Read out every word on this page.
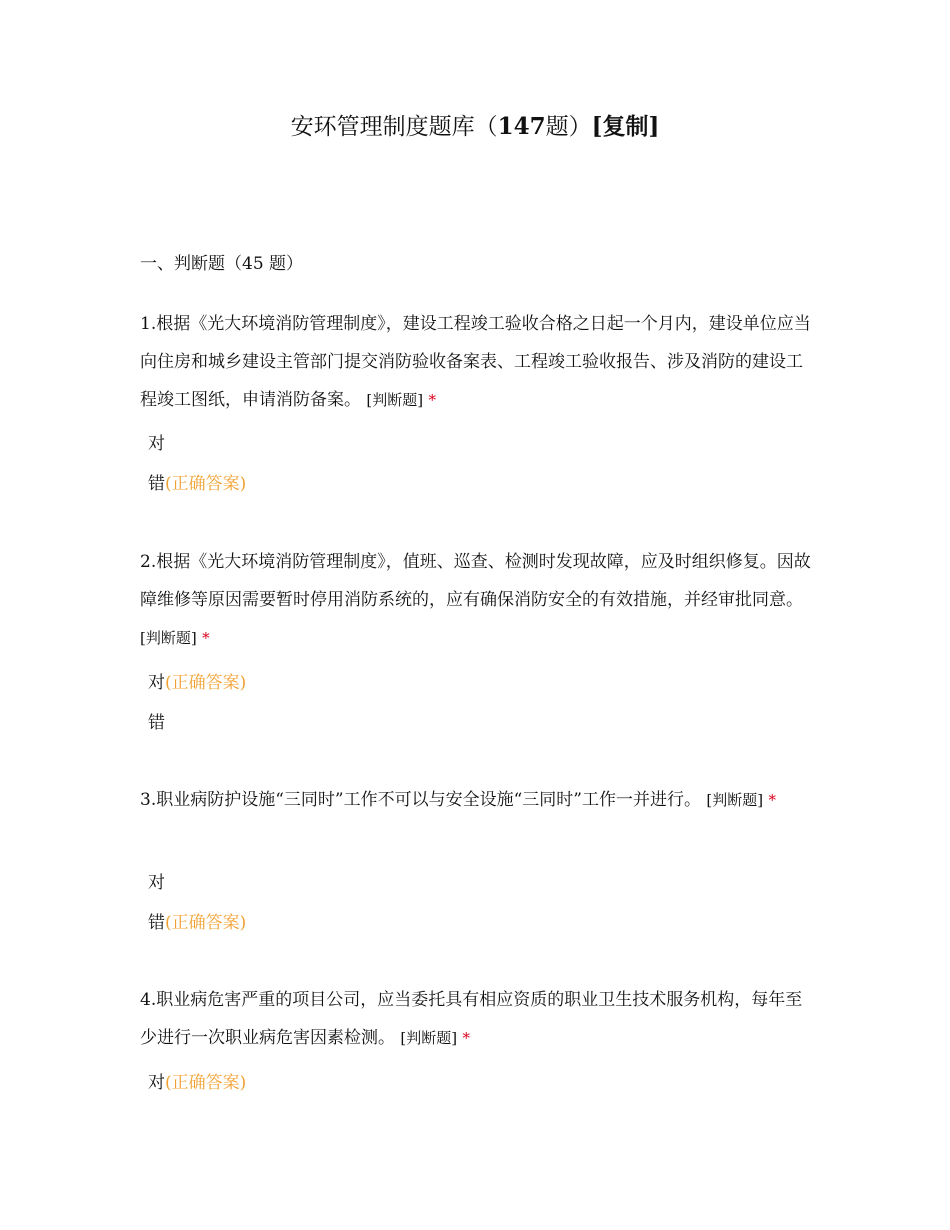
安环管理制度题库（147题）[复制]
一、判断题（45 题）
1.根据《光大环境消防管理制度》，建设工程竣工验收合格之日起一个月内，建设单位应当向住房和城乡建设主管部门提交消防验收备案表、工程竣工验收报告、涉及消防的建设工程竣工图纸，申请消防备案。 [判断题] *
对
错(正确答案)
2.根据《光大环境消防管理制度》，值班、巡查、检测时发现故障，应及时组织修复。因故障维修等原因需要暂时停用消防系统的，应有确保消防安全的有效措施，并经审批同意。 [判断题] *
对(正确答案)
错
3.职业病防护设施“三同时”工作不可以与安全设施“三同时”工作一并进行。 [判断题] *
对
错(正确答案)
4.职业病危害严重的项目公司，应当委托具有相应资质的职业卫生技术服务机构，每年至少进行一次职业病危害因素检测。 [判断题] *
对(正确答案)
